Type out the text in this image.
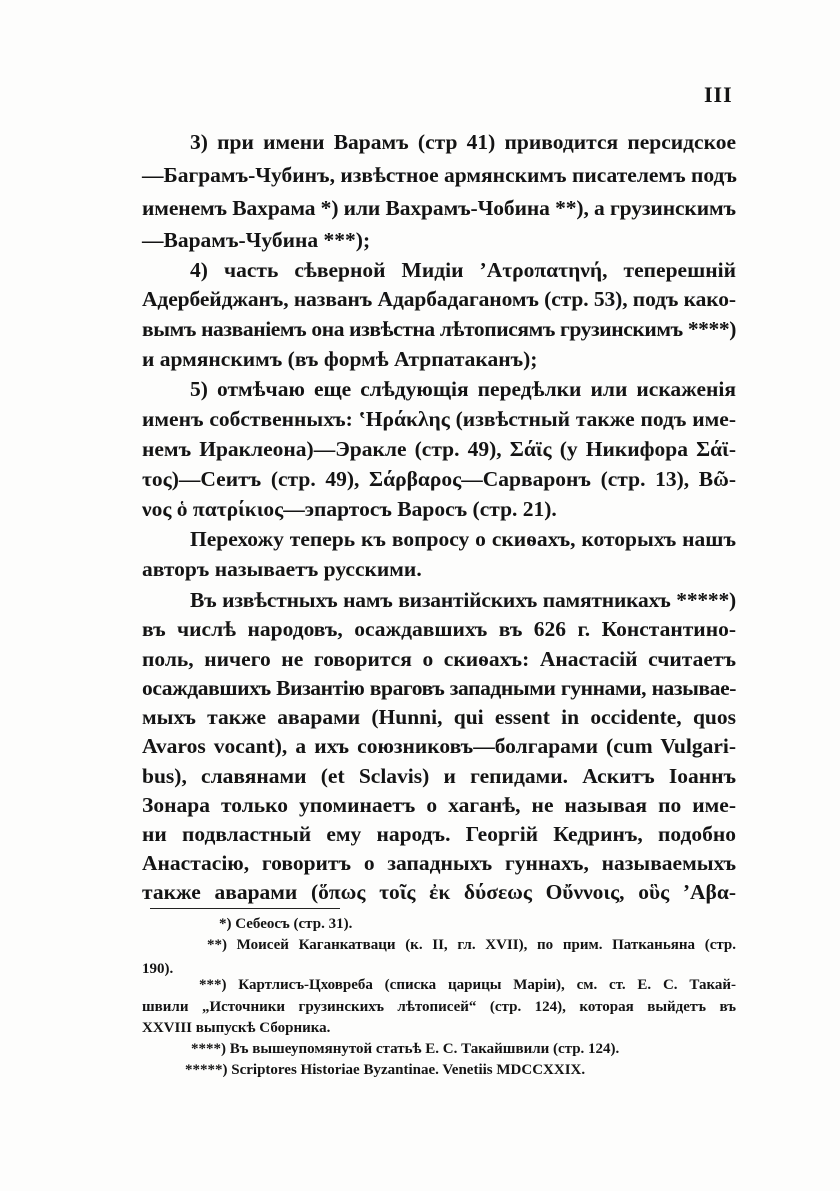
III
3) при имени Варамъ (стр 41) приводится персидское
—Баграмъ-Чубинъ, извѣстное армянскимъ писателемъ подъ
именемъ Вахрама *) или Вахрамъ-Чобина **), а грузинскимъ
—Варамъ-Чубина ***);
4) часть сѣверной Мидiи ʼΑτροπατηνή, теперешнiй
Адербейджанъ, названъ Адарбадаганомъ (стр. 53), подъ како-
вымъ названiемъ она извѣстна лѣтописямъ грузинскимъ ****)
и армянскимъ (въ формѣ Атрпатаканъ);
5) отмѣчаю еще слѣдующiя передѣлки или искаженiя
именъ собственныхъ: ʽΗράκλης (извѣстный также подъ име-
немъ Ираклеона)—Эракле (стр. 49), Σάϊς (у Никифора Σάϊ-
τος)—Сеитъ (стр. 49), Σάρβαρος—Сарваронъ (стр. 13), Βῶ-
νος ὁ πατρίκιος—эпартосъ Варосъ (стр. 21).
Перехожу теперь къ вопросу о скиѳахъ, которыхъ нашъ
авторъ называетъ русскими.
Въ извѣстныхъ намъ византiйскихъ памятникахъ *****)
въ числѣ народовъ, осаждавшихъ въ 626 г. Константино-
поль, ничего не говорится о скиѳахъ: Анастасiй считаетъ
осаждавшихъ Византiю враговъ западными гуннами, называе-
мыхъ также аварами (Hunni, qui essent in occidente, quos
Avaros vocant), а ихъ союзниковъ—болгарами (cum Vulgari-
bus), славянами (et Sclavis) и гепидами. Аскитъ Iоаннъ
Зонара только упоминаетъ о хаганѣ, не называя по име-
ни подвластный ему народъ. Георгiй Кедринъ, подобно
Анастасiю, говоритъ о западныхъ гуннахъ, называемыхъ
также аварами (ὅπως τοῖς ἐκ δύσεως Οὔννοις, οὓς ʼΑβα-
*) Себеосъ (стр. 31).
**) Моисей Каганкатваци (к. II, гл. XVII), по прим. Патканьяна (стр.
190).
***) Картлисъ-Цховреба (списка царицы Марiи), см. ст. Е. С. Такай-
швили „Источники грузинскихъ лѣтописей“ (стр. 124), которая выйдетъ въ
XXVIII выпускѣ Сборника.
****) Въ вышеупомянутой статьѣ Е. С. Такайшвили (стр. 124).
*****) Scriptores Historiae Byzantinae. Venetiis MDCCXXIX.
